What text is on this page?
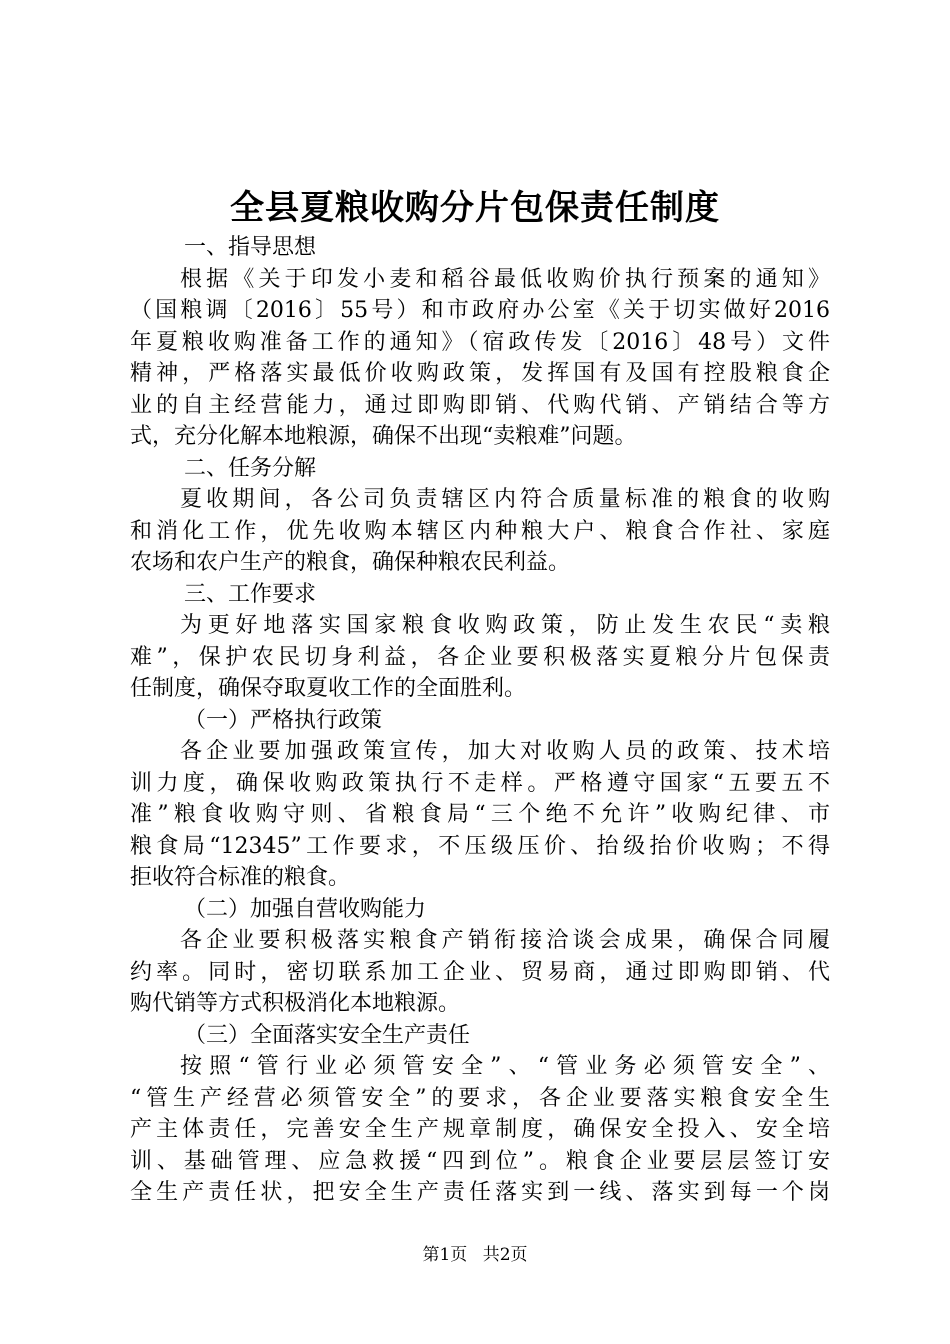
全县夏粮收购分片包保责任制度
一、指导思想
根据《关于印发小麦和稻谷最低收购价执行预案的通知》
（国粮调〔2016〕55号）和市政府办公室《关于切实做好2016
年夏粮收购准备工作的通知》（宿政传发〔2016〕48号）文件
精神，严格落实最低价收购政策，发挥国有及国有控股粮食企
业的自主经营能力，通过即购即销、代购代销、产销结合等方
式，充分化解本地粮源，确保不出现“卖粮难”问题。
二、任务分解
夏收期间，各公司负责辖区内符合质量标准的粮食的收购
和消化工作，优先收购本辖区内种粮大户、粮食合作社、家庭
农场和农户生产的粮食，确保种粮农民利益。
三、工作要求
为更好地落实国家粮食收购政策，防止发生农民“卖粮
难”，保护农民切身利益，各企业要积极落实夏粮分片包保责
任制度，确保夺取夏收工作的全面胜利。
（一）严格执行政策
各企业要加强政策宣传，加大对收购人员的政策、技术培
训力度，确保收购政策执行不走样。严格遵守国家“五要五不
准”粮食收购守则、省粮食局“三个绝不允许”收购纪律、市
粮食局“12345”工作要求，不压级压价、抬级抬价收购；不得
拒收符合标准的粮食。
（二）加强自营收购能力
各企业要积极落实粮食产销衔接洽谈会成果，确保合同履
约率。同时，密切联系加工企业、贸易商，通过即购即销、代
购代销等方式积极消化本地粮源。
（三）全面落实安全生产责任
按照“管行业必须管安全”、“管业务必须管安全”、
“管生产经营必须管安全”的要求，各企业要落实粮食安全生
产主体责任，完善安全生产规章制度，确保安全投入、安全培
训、基础管理、应急救援“四到位”。粮食企业要层层签订安
全生产责任状，把安全生产责任落实到一线、落实到每一个岗
第1页 共2页
